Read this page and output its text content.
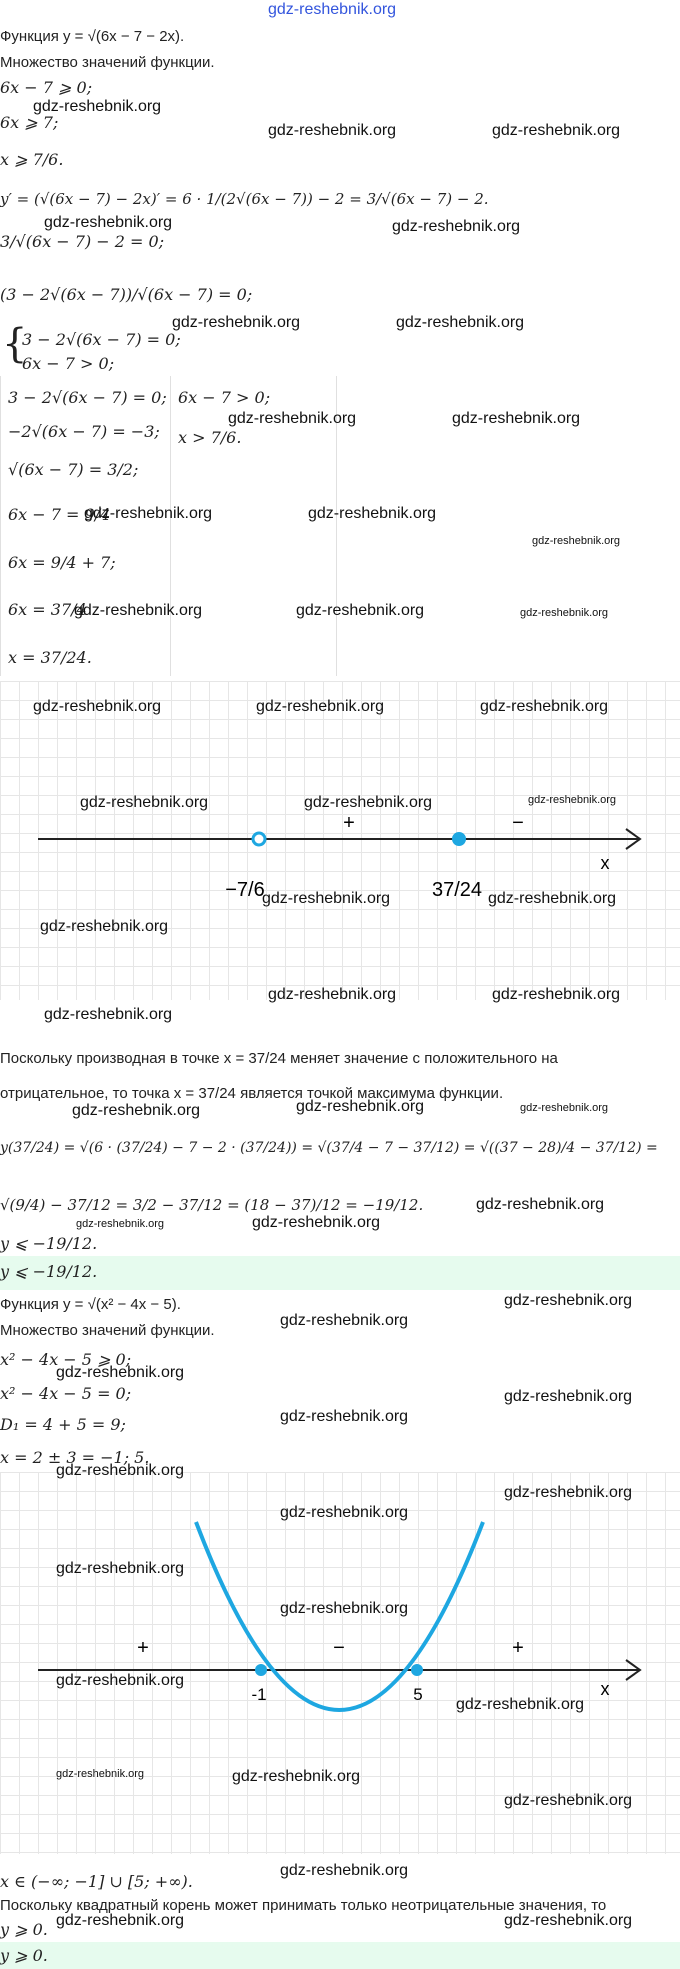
gdz-reshebnik.org
Функция y = √(6x − 7 − 2x).
Множество значений функции.
6x − 7 ⩾ 0;
6x ⩾ 7;
x ⩾ 7/6.
y′ = (√(6x − 7) − 2x)′ = 6 · 1/(2√(6x − 7)) − 2 = 3/√(6x − 7) − 2.
3/√(6x − 7) − 2 = 0;
(3 − 2√(6x − 7))/√(6x − 7) = 0;
{
3 − 2√(6x − 7) = 0;
6x − 7 > 0;
3 − 2√(6x − 7) = 0;
−2√(6x − 7) = −3;
√(6x − 7) = 3/2;
6x − 7 = 9/4
6x = 9/4 + 7;
6x = 37/4
x = 37/24.
6x − 7 > 0;
x > 7/6.
+	−
−7/6	37/24
x
Поскольку производная в точке x = 37/24 меняет значение с положительного на
отрицательное, то точка x = 37/24 является точкой максимума функции.
y(37/24) = √(6 · (37/24) − 7 − 2 · (37/24)) = √(37/4 − 7 − 37/12) = √((37 − 28)/4 − 37/12) =
√(9/4) − 37/12 = 3/2 − 37/12 = (18 − 37)/12 = −19/12.
y ⩽ −19/12.
y ⩽ −19/12.
Функция y = √(x² − 4x − 5).
Множество значений функции.
x² − 4x − 5 ⩾ 0;
x² − 4x − 5 = 0;
D₁ = 4 + 5 = 9;
x = 2 ± 3 = −1; 5.
+	−	+
-1	5	x
x ∈ (−∞; −1] ∪ [5; +∞).
Поскольку квадратный корень может принимать только неотрицательные значения, то
y ⩾ 0.
y ⩾ 0.
gdz-reshebnik.org
gdz-reshebnik.org	gdz-reshebnik.org
gdz-reshebnik.org	gdz-reshebnik.org
gdz-reshebnik.org	gdz-reshebnik.org
gdz-reshebnik.org	gdz-reshebnik.org
gdz-reshebnik.org	gdz-reshebnik.org
gdz-reshebnik.org
gdz-reshebnik.org	gdz-reshebnik.org	gdz-reshebnik.org
gdz-reshebnik.org	gdz-reshebnik.org	gdz-reshebnik.org
gdz-reshebnik.org	gdz-reshebnik.org	gdz-reshebnik.org
gdz-reshebnik.org	gdz-reshebnik.org
gdz-reshebnik.org
gdz-reshebnik.org
gdz-reshebnik.org	gdz-reshebnik.org
gdz-reshebnik.org	gdz-reshebnik.org	gdz-reshebnik.org
gdz-reshebnik.org	gdz-reshebnik.org
gdz-reshebnik.org
gdz-reshebnik.org
gdz-reshebnik.org
gdz-reshebnik.org
gdz-reshebnik.org
gdz-reshebnik.org
gdz-reshebnik.org
gdz-reshebnik.org
gdz-reshebnik.org
gdz-reshebnik.org
gdz-reshebnik.org
gdz-reshebnik.org
gdz-reshebnik.org
gdz-reshebnik.org	gdz-reshebnik.org
gdz-reshebnik.org
gdz-reshebnik.org
gdz-reshebnik.org	gdz-reshebnik.org
